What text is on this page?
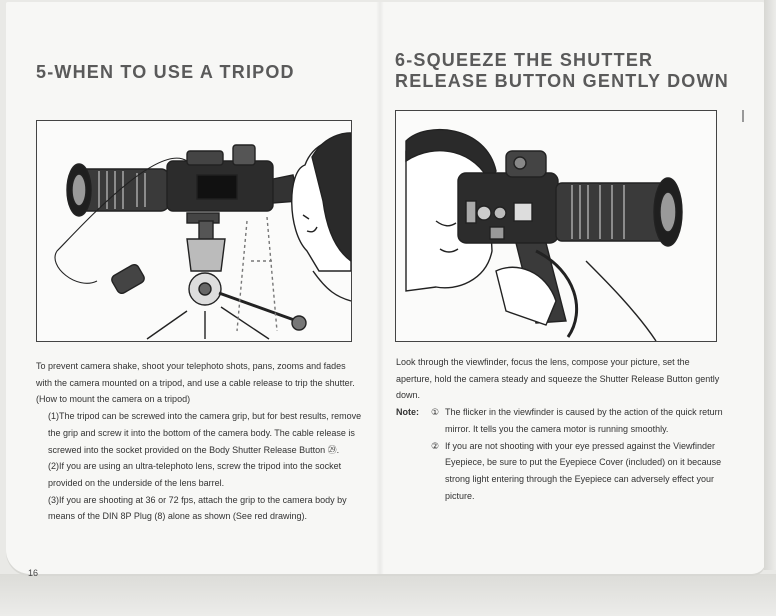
5-WHEN TO USE A TRIPOD

To prevent camera shake, shoot your telephoto shots, pans, zooms and fades with the camera mounted on a tripod, and use a cable release to trip the shutter.

(How to mount the camera on a tripod)

(1)The tripod can be screwed into the camera grip, but for best results, remove the grip and screw it into the bottom of the camera body. The cable release is screwed into the socket provided on the Body Shutter Release Button ㉙.

(2)If you are using an ultra-telephoto lens, screw the tripod into the socket provided on the underside of the lens barrel.

(3)If you are shooting at 36 or 72 fps, attach the grip to the camera body by means of the DIN 8P Plug (8) alone as shown (See red drawing).

16
6-SQUEEZE THE SHUTTER RELEASE BUTTON GENTLY DOWN

Look through the viewfinder, focus the lens, compose your picture, set the aperture, hold the camera steady and squeeze the Shutter Release Button gently down.

Note:	① The flicker in the viewfinder is caused by the action of the quick return mirror. It tells you the camera motor is running smoothly.
② If you are not shooting with your eye pressed against the Viewfinder Eyepiece, be sure to put the Eyepiece Cover (included) on it because strong light entering through the Eyepiece can adversely effect your picture.
